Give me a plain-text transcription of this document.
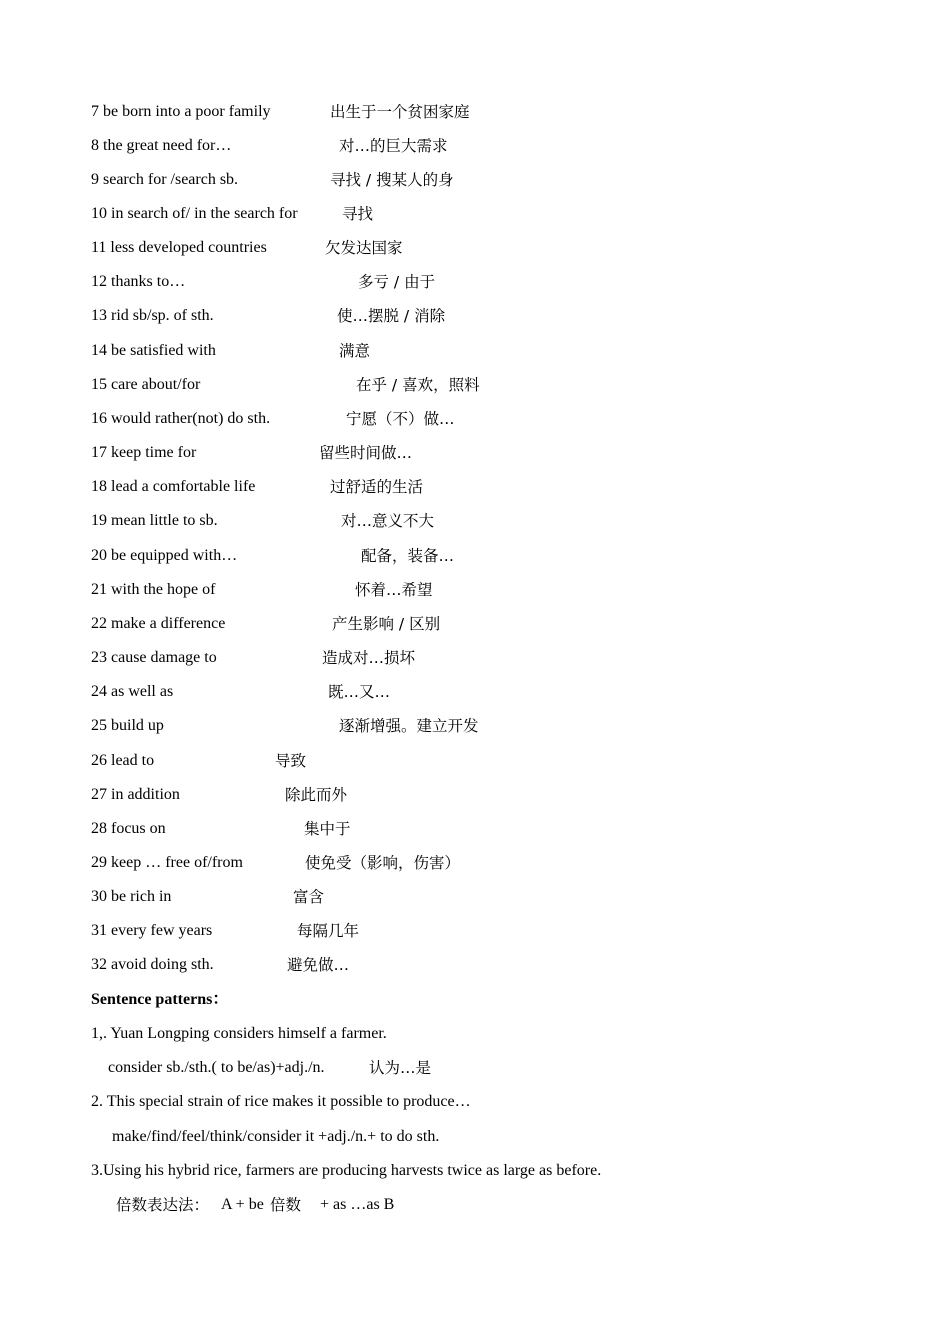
7 be born into a poor family	出生于一个贫困家庭
8 the great need for…	对…的巨大需求
9 search for /search sb.	寻找 / 搜某人的身
10 in search of/ in the search for	寻找
11 less developed countries	欠发达国家
12 thanks to…	多亏 / 由于
13 rid sb/sp. of sth.	使…摆脱 / 消除
14 be satisfied with	满意
15 care about/for	在乎 / 喜欢，照料
16 would rather(not) do sth.	宁愿（不）做…
17 keep time for	留些时间做…
18 lead a comfortable life	过舒适的生活
19 mean little to sb.	对…意义不大
20 be equipped with…	配备，装备…
21 with the hope of	怀着…希望
22 make a difference	产生影响 / 区别
23 cause damage to	造成对…损坏
24 as well as	既…又…
25 build up	逐渐增强。建立开发
26 lead to	导致
27 in addition	除此而外
28 focus on	集中于
29 keep … free of/from	使免受（影响，伤害）
30 be rich in	富含
31 every few years	每隔几年
32 avoid doing sth.	避免做…
Sentence patterns：
1,. Yuan Longping considers himself a farmer.
consider sb./sth.( to be/as)+adj./n.	认为…是
2. This special strain of rice makes it possible to produce…
make/find/feel/think/consider it +adj./n.+ to do sth.
3.Using his hybrid rice, farmers are producing harvests twice as large as before.
倍数表达法： A + be 倍数 + as …as B
